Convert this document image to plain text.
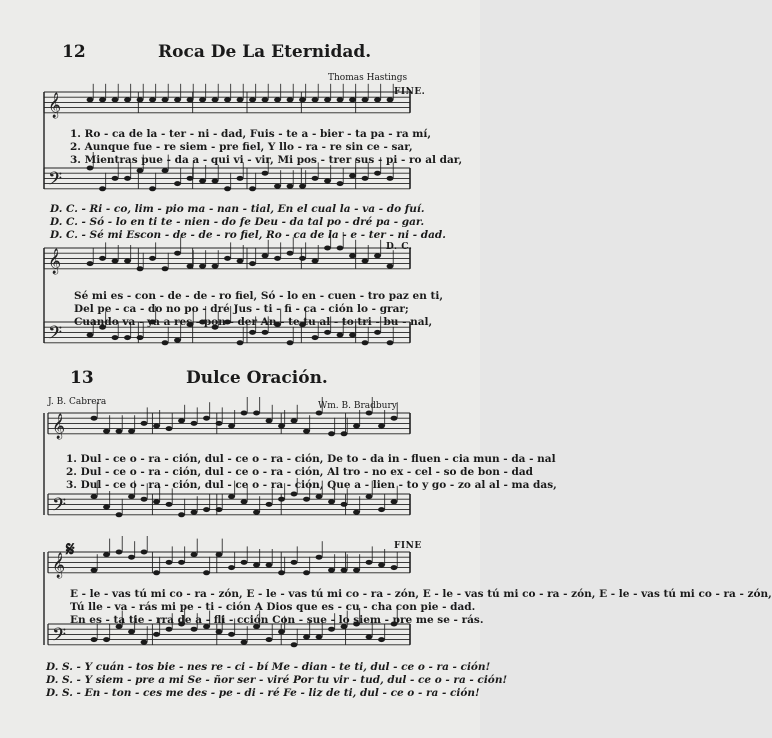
𝄞
𝄢
𝄞
𝄢
𝄞
𝄢
𝄞
𝄢
12	Roca De La Eternidad.
Thomas Hastings
FINE.
1. Ro - ca de la - ter - ni - dad, Fuis - te a - bier - ta pa - ra mí,
2. Aunque fue - re siem - pre fiel, Y llo - ra - re sin ce - sar,
3. Mientras pue - da a - qui vi - vir, Mi pos - trer sus - pi - ro al dar,
D. C. - Ri - co, lim - pio ma - nan - tial, En el cual la - va - do fuí.
D. C. - Só - lo en ti te - nien - do fe Deu - da tal po - dré pa - gar.
D. C. - Sé mi Escon - de - de - ro fiel, Ro - ca de la - e - ter - ni - dad.
D. C.
Sé mi es - con - de - de - ro fiel, Só - lo en - cuen - tro paz en ti,
Del pe - ca - do no po - dré Jus - ti - fi - ca - ción lo - grar;
Cuando va - ya a res - pon - der An - te tu al - to tri - bu - nal,
13	Dulce Oración.
J. B. Cabrera	Wm. B. Bradbury
1. Dul - ce o - ra - ción, dul - ce o - ra - ción, De to - da in - fluen - cia mun - da - nal
2. Dul - ce o - ra - ción, dul - ce o - ra - ción, Al tro - no ex - cel - so de bon - dad
3. Dul - ce o - ra - ción, dul - ce o - ra - ción, Que a - lien - to y go - zo al al - ma das,
𝄋	FINE
E - le - vas tú mi co - ra - zón, E - le - vas tú mi co - ra - zón, E - le - vas tú mi co - ra - zón, E - le - vas tú mi co - ra - zón,
Tú lle - va - rás mi pe - ti - ción A Dios que es - cu - cha con pie - dad.
En es - ta tie - rra de a - fli - cción Con - sue - lo siem - pre me se - rás.
D. S. - Y cuán - tos bie - nes re - ci - bí Me - dian - te ti, dul - ce o - ra - ción!
D. S. - Y siem - pre a mi Se - ñor ser - viré Por tu vir - tud, dul - ce o - ra - ción!
D. S. - En - ton - ces me des - pe - di - ré Fe - liz de ti, dul - ce o - ra - ción!
